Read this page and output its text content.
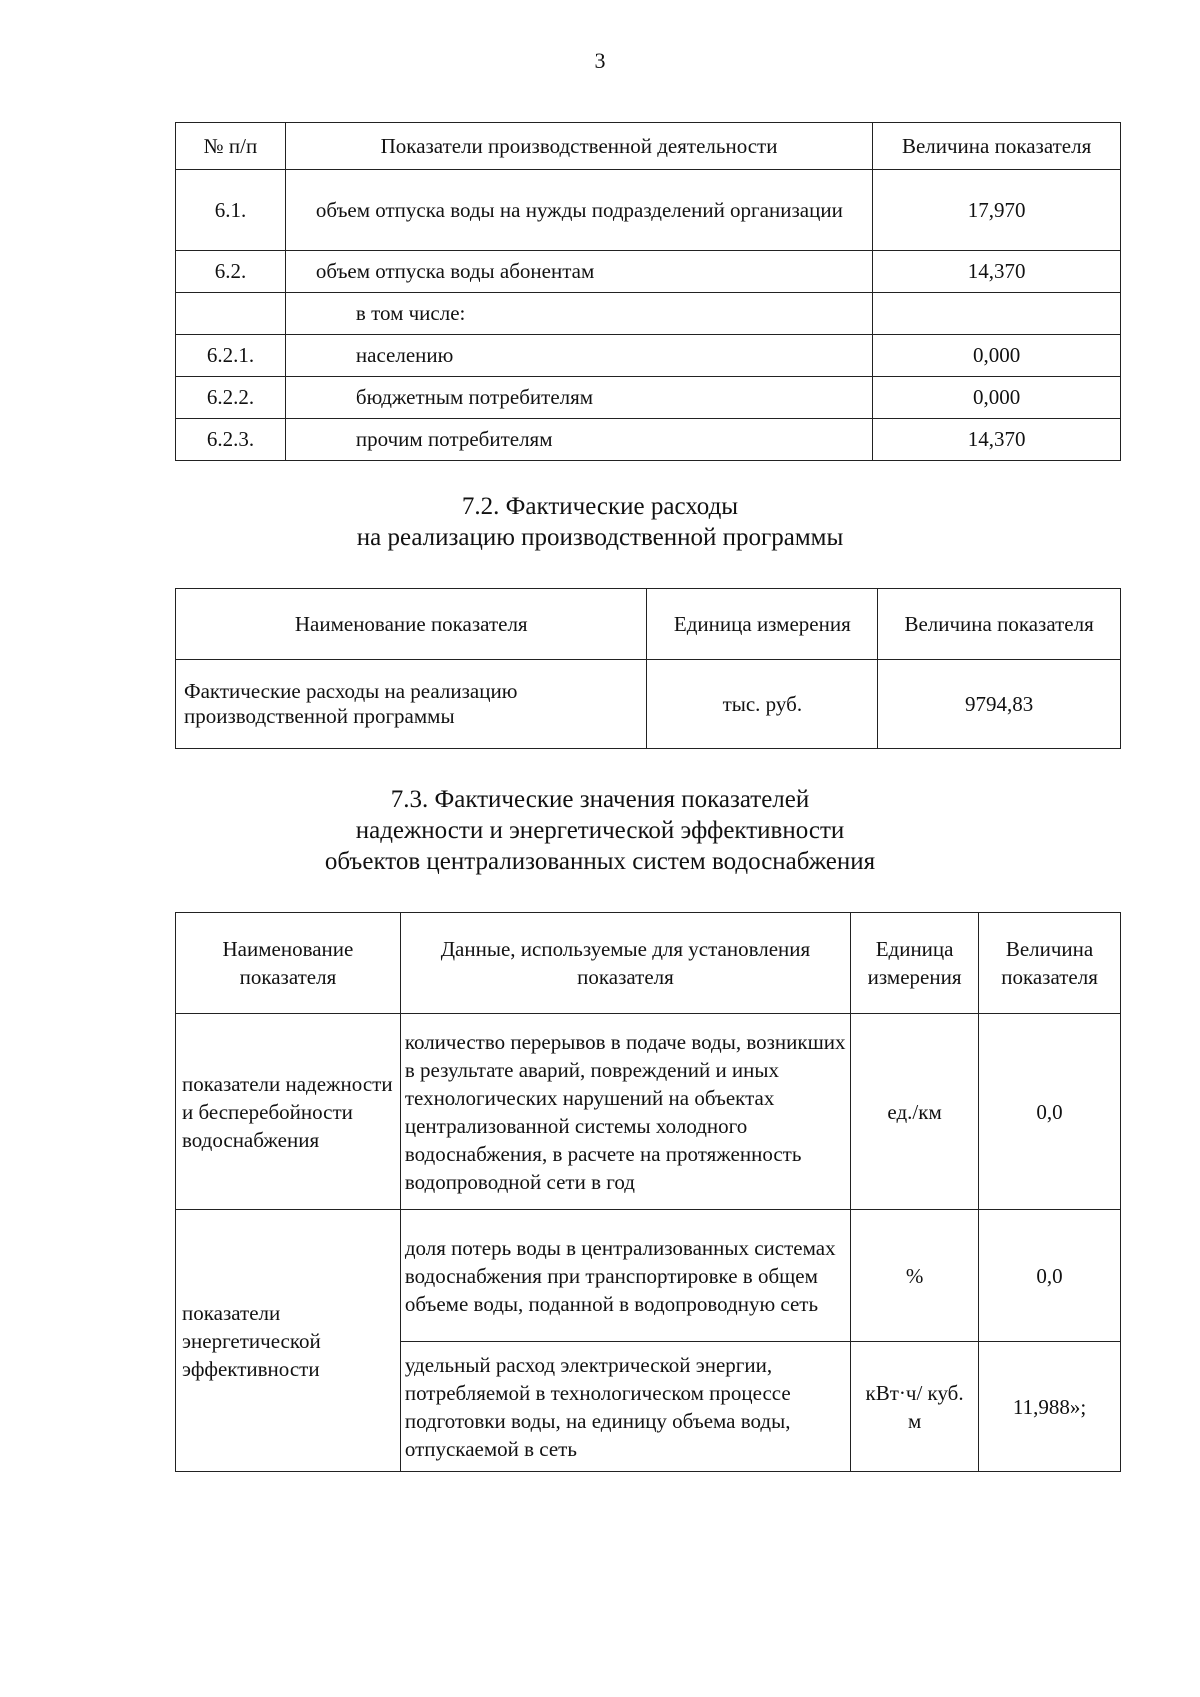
3
№ п/п	Показатели производственной деятельности	Величина показателя
6.1.	объем отпуска воды на нужды подразделений организации	17,970
6.2.	объем отпуска воды абонентам	14,370
	в том числе:	
6.2.1.	населению	0,000
6.2.2.	бюджетным потребителям	0,000
6.2.3.	прочим потребителям	14,370
7.2. Фактические расходы
на реализацию производственной программы
Наименование показателя	Единица измерения	Величина показателя
Фактические расходы на реализацию производственной программы	тыс. руб.	9794,83
7.3. Фактические значения показателей
надежности и энергетической эффективности
объектов централизованных систем водоснабжения
Наименование показателя	Данные, используемые для установления показателя	Единица измерения	Величина показателя
показатели надежности и бесперебойности водоснабжения	количество перерывов в подаче воды, возникших в результате аварий, повреждений и иных технологических нарушений на объектах централизованной системы холодного водоснабжения, в расчете на протяженность водопроводной сети в год	ед./км	0,0
показатели энергетической эффективности	доля потерь воды в централизованных системах водоснабжения при транспортировке в общем объеме воды, поданной в водопроводную сеть	%	0,0
	удельный расход электрической энергии, потребляемой в технологическом процессе подготовки воды, на единицу объема воды, отпускаемой в сеть	кВт·ч/ куб. м	11,988»;
